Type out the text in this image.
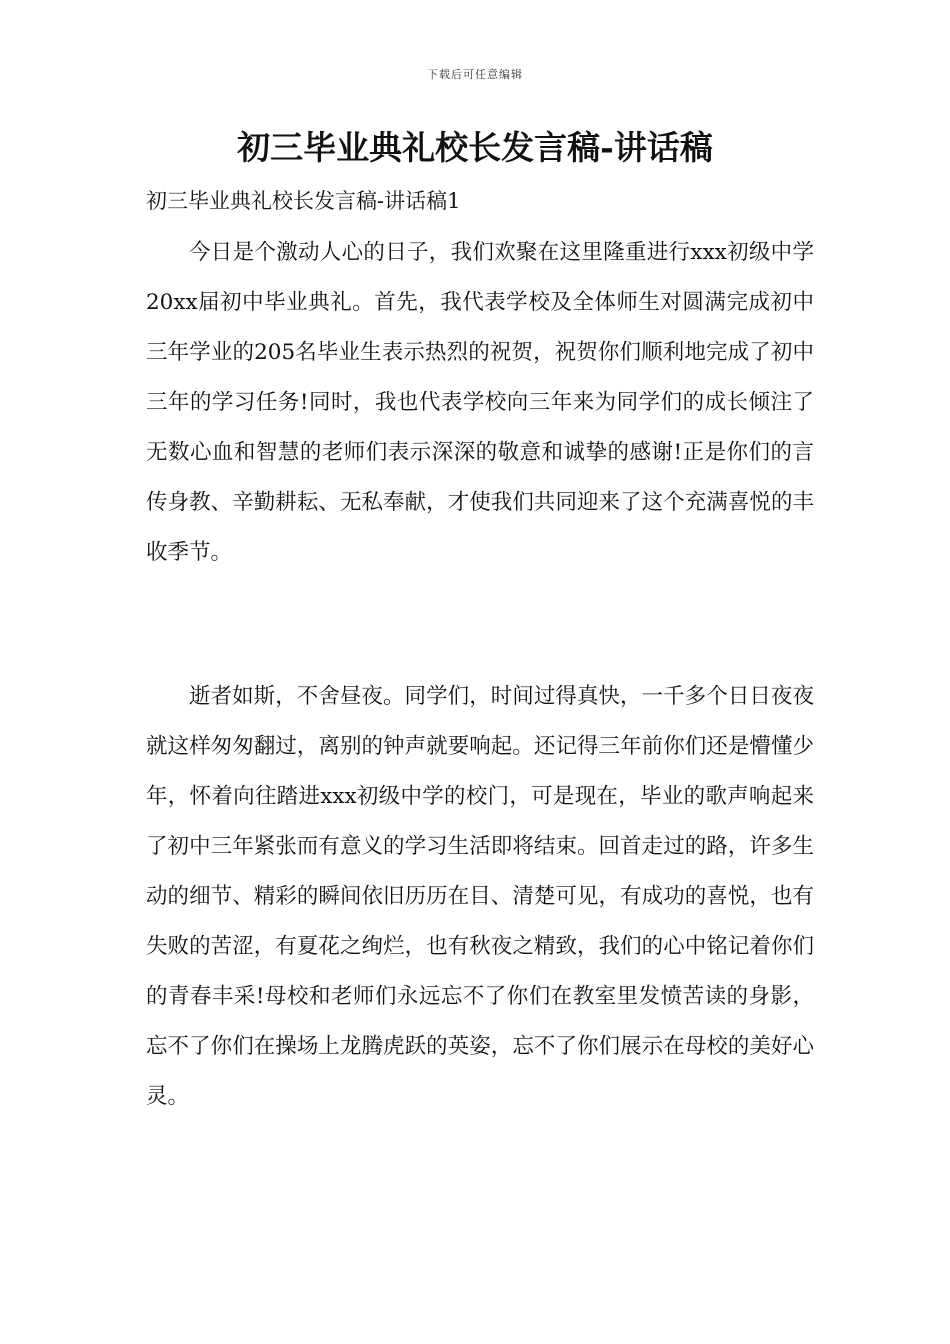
下载后可任意编辑
初三毕业典礼校长发言稿-讲话稿

初三毕业典礼校长发言稿-讲话稿1

今日是个激动人心的日子，我们欢聚在这里隆重进行xxx初级中学20xx届初中毕业典礼。首先，我代表学校及全体师生对圆满完成初中三年学业的205名毕业生表示热烈的祝贺，祝贺你们顺利地完成了初中三年的学习任务!同时，我也代表学校向三年来为同学们的成长倾注了无数心血和智慧的老师们表示深深的敬意和诚挚的感谢!正是你们的言传身教、辛勤耕耘、无私奉献，才使我们共同迎来了这个充满喜悦的丰收季节。

逝者如斯，不舍昼夜。同学们，时间过得真快，一千多个日日夜夜就这样匆匆翻过，离别的钟声就要响起。还记得三年前你们还是懵懂少年，怀着向往踏进xxx初级中学的校门，可是现在，毕业的歌声响起来了初中三年紧张而有意义的学习生活即将结束。回首走过的路，许多生动的细节、精彩的瞬间依旧历历在目、清楚可见，有成功的喜悦，也有失败的苦涩，有夏花之绚烂，也有秋夜之精致，我们的心中铭记着你们的青春丰采!母校和老师们永远忘不了你们在教室里发愤苦读的身影，忘不了你们在操场上龙腾虎跃的英姿，忘不了你们展示在母校的美好心灵。
